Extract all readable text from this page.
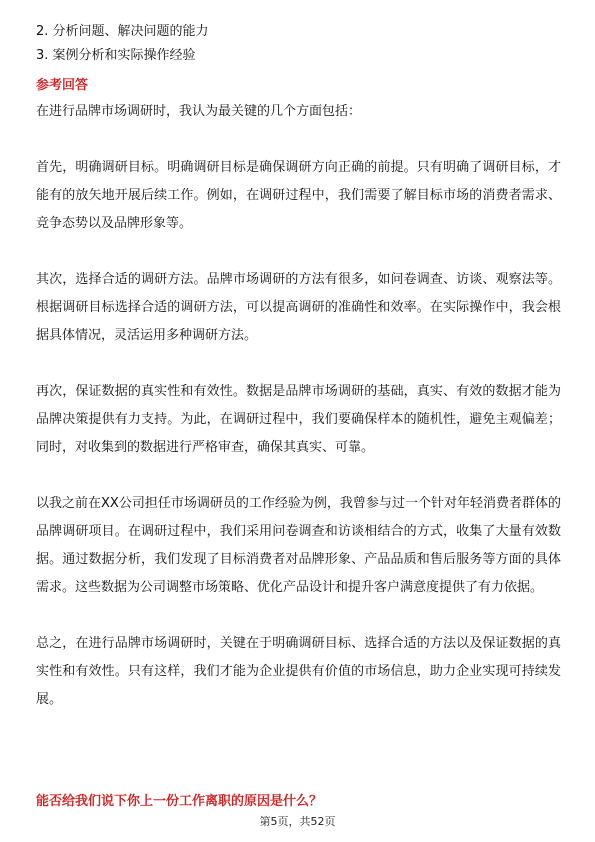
2. 分析问题、解决问题的能力
3. 案例分析和实际操作经验
参考回答

在进行品牌市场调研时，我认为最关键的几个方面包括：

首先，明确调研目标。明确调研目标是确保调研方向正确的前提。只有明确了调研目标，才能有的放矢地开展后续工作。例如，在调研过程中，我们需要了解目标市场的消费者需求、竞争态势以及品牌形象等。

其次，选择合适的调研方法。品牌市场调研的方法有很多，如问卷调查、访谈、观察法等。根据调研目标选择合适的调研方法，可以提高调研的准确性和效率。在实际操作中，我会根据具体情况，灵活运用多种调研方法。

再次，保证数据的真实性和有效性。数据是品牌市场调研的基础，真实、有效的数据才能为品牌决策提供有力支持。为此，在调研过程中，我们要确保样本的随机性，避免主观偏差；同时，对收集到的数据进行严格审查，确保其真实、可靠。

以我之前在XX公司担任市场调研员的工作经验为例，我曾参与过一个针对年轻消费者群体的品牌调研项目。在调研过程中，我们采用问卷调查和访谈相结合的方式，收集了大量有效数据。通过数据分析，我们发现了目标消费者对品牌形象、产品品质和售后服务等方面的具体需求。这些数据为公司调整市场策略、优化产品设计和提升客户满意度提供了有力依据。

总之，在进行品牌市场调研时，关键在于明确调研目标、选择合适的方法以及保证数据的真实性和有效性。只有这样，我们才能为企业提供有价值的市场信息，助力企业实现可持续发展。

能否给我们说下你上一份工作离职的原因是什么？
第5页，共52页
